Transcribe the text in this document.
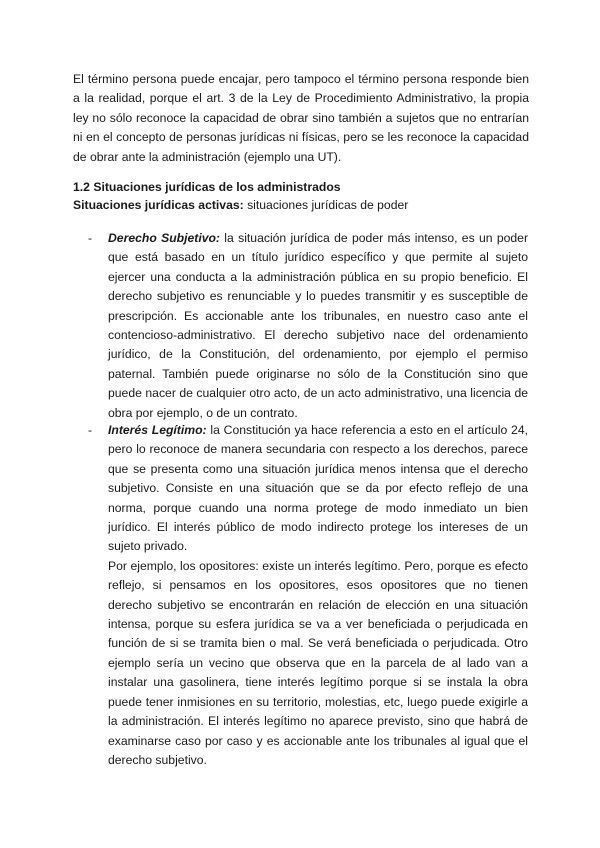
El término persona puede encajar, pero tampoco el término persona responde bien a la realidad, porque el art. 3 de la Ley de Procedimiento Administrativo, la propia ley no sólo reconoce la capacidad de obrar sino también a sujetos que no entrarían ni en el concepto de personas jurídicas ni físicas, pero se les reconoce la capacidad de obrar ante la administración (ejemplo una UT).

1.2 Situaciones jurídicas de los administrados

Situaciones jurídicas activas: situaciones jurídicas de poder

- Derecho Subjetivo: la situación jurídica de poder más intenso, es un poder que está basado en un título jurídico específico y que permite al sujeto ejercer una conducta a la administración pública en su propio beneficio. El derecho subjetivo es renunciable y lo puedes transmitir y es susceptible de prescripción. Es accionable ante los tribunales, en nuestro caso ante el contencioso-administrativo. El derecho subjetivo nace del ordenamiento jurídico, de la Constitución, del ordenamiento, por ejemplo el permiso paternal. También puede originarse no sólo de la Constitución sino que puede nacer de cualquier otro acto, de un acto administrativo, una licencia de obra por ejemplo, o de un contrato.

- Interés Legítimo: la Constitución ya hace referencia a esto en el artículo 24, pero lo reconoce de manera secundaria con respecto a los derechos, parece que se presenta como una situación jurídica menos intensa que el derecho subjetivo. Consiste en una situación que se da por efecto reflejo de una norma, porque cuando una norma protege de modo inmediato un bien jurídico. El interés público de modo indirecto protege los intereses de un sujeto privado.

Por ejemplo, los opositores: existe un interés legítimo. Pero, porque es efecto reflejo, si pensamos en los opositores, esos opositores que no tienen derecho subjetivo se encontrarán en relación de elección en una situación intensa, porque su esfera jurídica se va a ver beneficiada o perjudicada en función de si se tramita bien o mal. Se verá beneficiada o perjudicada. Otro ejemplo sería un vecino que observa que en la parcela de al lado van a instalar una gasolinera, tiene interés legítimo porque si se instala la obra puede tener inmisiones en su territorio, molestias, etc, luego puede exigirle a la administración. El interés legítimo no aparece previsto, sino que habrá de examinarse caso por caso y es accionable ante los tribunales al igual que el derecho subjetivo.
